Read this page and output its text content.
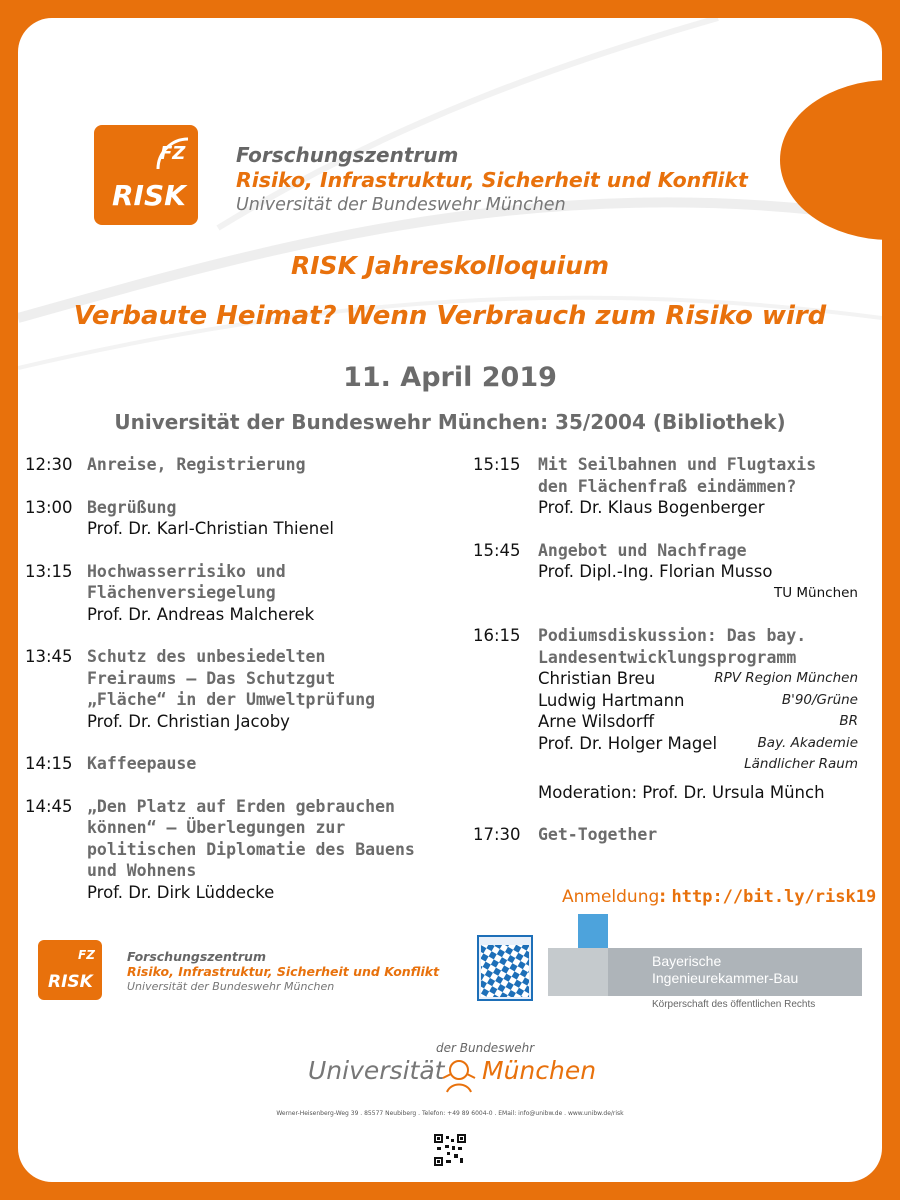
FZ
RISK
Forschungszentrum
Risiko, Infrastruktur, Sicherheit und Konflikt
Universität der Bundeswehr München
RISK Jahreskolloquium
Verbaute Heimat? Wenn Verbrauch zum Risiko wird
11. April 2019
Universität der Bundeswehr München: 35/2004 (Bibliothek)
12:30 Anreise, Registrierung
13:00 Begrüßung
Prof. Dr. Karl-Christian Thienel
13:15 Hochwasserrisiko und
Flächenversiegelung
Prof. Dr. Andreas Malcherek
13:45 Schutz des unbesiedelten
Freiraums – Das Schutzgut
„Fläche“ in der Umweltprüfung
Prof. Dr. Christian Jacoby
14:15 Kaffeepause
14:45 „Den Platz auf Erden gebrauchen
können“ – Überlegungen zur
politischen Diplomatie des Bauens
und Wohnens
Prof. Dr. Dirk Lüddecke
15:15	Mit Seilbahnen und Flugtaxis
den Flächenfraß eindämmen?
Prof. Dr. Klaus Bogenberger
15:45	Angebot und Nachfrage
Prof. Dipl.-Ing. Florian Musso
TU München
16:15	Podiumsdiskussion: Das bay.
Landesentwicklungsprogramm
Christian Breu	RPV Region München
Ludwig Hartmann	B'90/Grüne
Arne Wilsdorff	BR
Prof. Dr. Holger Magel	Bay. Akademie
Ländlicher Raum
Moderation: Prof. Dr. Ursula Münch
17:30	Get-Together
Anmeldung: http://bit.ly/risk19
FZ
RISK
Forschungszentrum
Risiko, Infrastruktur, Sicherheit und Konflikt
Universität der Bundeswehr München
Bayerische
Ingenieurekammer-Bau
Körperschaft des öffentlichen Rechts
der Bundeswehr
Universität München
Werner-Heisenberg-Weg 39 . 85577 Neubiberg . Telefon: +49 89 6004-0 . EMail: info@unibw.de . www.unibw.de/risk
